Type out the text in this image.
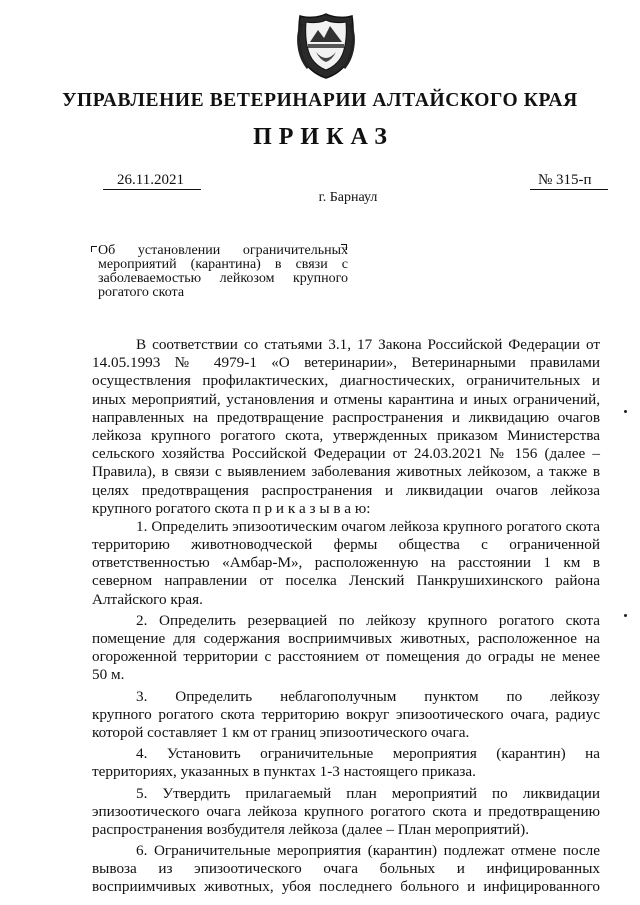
УПРАВЛЕНИЕ ВЕТЕРИНАРИИ АЛТАЙСКОГО КРАЯ
ПРИКАЗ
26.11.2021	№ 315-п
г. Барнаул
Об установлении ограничительных
мероприятий (карантина) в связи с
заболеваемостью лейкозом крупного
рогатого скота
В соответствии со статьями 3.1, 17 Закона Российской Федерации от
14.05.1993 № 4979-1 «О ветеринарии», Ветеринарными правилами
осуществления профилактических, диагностических, ограничительных и
иных мероприятий, установления и отмены карантина и иных ограничений,
направленных на предотвращение распространения и ликвидацию очагов
лейкоза крупного рогатого скота, утвержденных приказом Министерства
сельского хозяйства Российской Федерации от 24.03.2021 № 156 (далее –
Правила), в связи с выявлением заболевания животных лейкозом, а также в
целях предотвращения распространения и ликвидации очагов лейкоза
крупного рогатого скота п р и к а з ы в а ю:
1. Определить эпизоотическим очагом лейкоза крупного рогатого скота
территорию животноводческой фермы общества с ограниченной
ответственностью «Амбар-М», расположенную на расстоянии 1 км в
северном направлении от поселка Ленский Панкрушихинского района
Алтайского края.
2. Определить резервацией по лейкозу крупного рогатого скота
помещение для содержания восприимчивых животных, расположенное на
огороженной территории с расстоянием от помещения до ограды не менее
50 м.
3. Определить неблагополучным пунктом по лейкозу
крупного рогатого скота территорию вокруг эпизоотического очага, радиус
которой составляет 1 км от границ эпизоотического очага.
4. Установить ограничительные мероприятия (карантин) на
территориях, указанных в пунктах 1-3 настоящего приказа.
5. Утвердить прилагаемый план мероприятий по ликвидации
эпизоотического очага лейкоза крупного рогатого скота и предотвращению
распространения возбудителя лейкоза (далее – План мероприятий).
6. Ограничительные мероприятия (карантин) подлежат отмене после
вывоза из эпизоотического очага больных и инфицированных
восприимчивых животных, убоя последнего больного и инфицированного
